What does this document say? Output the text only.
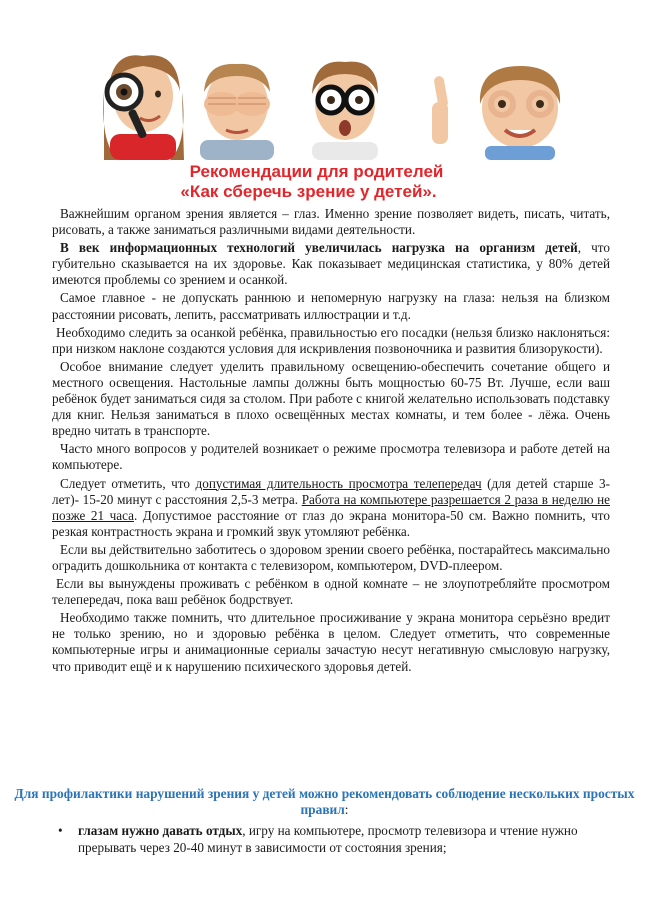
Рекомендации для родителей
«Как сберечь зрение у детей».

Важнейшим органом зрения является – глаз. Именно зрение позволяет видеть, писать, читать, рисовать, а также заниматься различными видами деятельности.

В век информационных технологий увеличилась нагрузка на организм детей, что губительно сказывается на их здоровье. Как показывает медицинская статистика, у 80% детей имеются проблемы со зрением и осанкой.

Самое главное - не допускать раннюю и непомерную нагрузку на глаза: нельзя на близком расстоянии рисовать, лепить, рассматривать иллюстрации и т.д.

Необходимо следить за осанкой ребёнка, правильностью его посадки (нельзя близко наклоняться: при низком наклоне создаются условия для искривления позвоночника и развития близорукости).

Особое внимание следует уделить правильному освещению-обеспечить сочетание общего и местного освещения. Настольные лампы должны быть мощностью 60-75 Вт. Лучше, если ваш ребёнок будет заниматься сидя за столом. При работе с книгой желательно использовать подставку для книг. Нельзя заниматься в плохо освещённых местах комнаты, и тем более - лёжа. Очень вредно читать в транспорте.

Часто много вопросов у родителей возникает о режиме просмотра телевизора и работе детей на компьютере.

Следует отметить, что допустимая длительность просмотра телепередач (для детей старше 3-лет)- 15-20 минут с расстояния 2,5-3 метра. Работа на компьютере разрешается 2 раза в неделю не позже 21 часа. Допустимое расстояние от глаз до экрана монитора-50 см. Важно помнить, что резкая контрастность экрана и громкий звук утомляют ребёнка.

Если вы действительно заботитесь о здоровом зрении своего ребёнка, постарайтесь максимально оградить дошкольника от контакта с телевизором, компьютером, DVD-плеером.

Если вы вынуждены проживать с ребёнком в одной комнате – не злоупотребляйте просмотром телепередач, пока ваш ребёнок бодрствует.

Необходимо также помнить, что длительное просиживание у экрана монитора серьёзно вредит не только зрению, но и здоровью ребёнка в целом. Следует отметить, что современные компьютерные игры и анимационные сериалы зачастую несут негативную смысловую нагрузку, что приводит ещё и к нарушению психического здоровья детей.

Для профилактики нарушений зрения у детей можно рекомендовать соблюдение нескольких простых правил:
• глазам нужно давать отдых, игру на компьютере, просмотр телевизора и чтение нужно прерывать через 20-40 минут в зависимости от состояния зрения;
